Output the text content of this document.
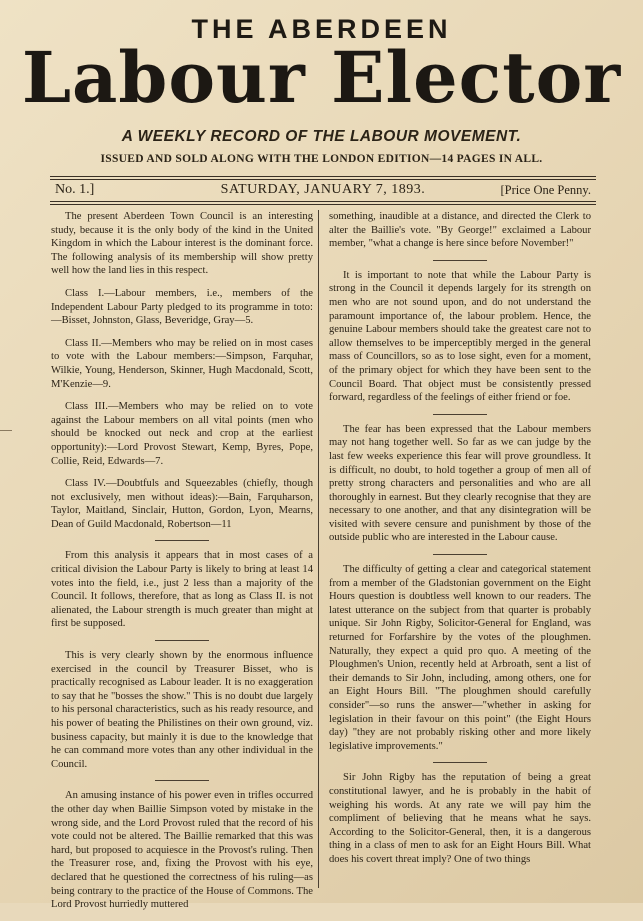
THE ABERDEEN
Labour Elector
A WEEKLY RECORD OF THE LABOUR MOVEMENT.
ISSUED AND SOLD ALONG WITH THE LONDON EDITION—14 PAGES IN ALL.
No. 1.]	SATURDAY, JANUARY 7, 1893.	[Price One Penny.

The present Aberdeen Town Council is an interesting study, because it is the only body of the kind in the United Kingdom in which the Labour interest is the dominant force. The following analysis of its membership will show pretty well how the land lies in this respect.

Class I.—Labour members, i.e., members of the Independent Labour Party pledged to its programme in toto:—Bisset, Johnston, Glass, Beveridge, Gray—5.

Class II.—Members who may be relied on in most cases to vote with the Labour members:—Simpson, Farquhar, Wilkie, Young, Henderson, Skinner, Hugh Macdonald, Scott, M'Kenzie—9.

Class III.—Members who may be relied on to vote against the Labour members on all vital points (men who should be knocked out neck and crop at the earliest opportunity):—Lord Provost Stewart, Kemp, Byres, Pope, Collie, Reid, Edwards—7.

Class IV.—Doubtfuls and Squeezables (chiefly, though not exclusively, men without ideas):—Bain, Farquharson, Taylor, Maitland, Sinclair, Hutton, Gordon, Lyon, Mearns, Dean of Guild Macdonald, Robertson—11

From this analysis it appears that in most cases of a critical division the Labour Party is likely to bring at least 14 votes into the field, i.e., just 2 less than a majority of the Council. It follows, therefore, that as long as Class II. is not alienated, the Labour strength is much greater than might at first be supposed.

This is very clearly shown by the enormous influence exercised in the council by Treasurer Bisset, who is practically recognised as Labour leader. It is no exaggeration to say that he "bosses the show." This is no doubt due largely to his personal characteristics, such as his ready resource, and his power of beating the Philistines on their own ground, viz. business capacity, but mainly it is due to the knowledge that he can command more votes than any other individual in the Council.

An amusing instance of his power even in trifles occurred the other day when Baillie Simpson voted by mistake in the wrong side, and the Lord Provost ruled that the record of his vote could not be altered. The Baillie remarked that this was hard, but proposed to acquiesce in the Provost's ruling. Then the Treasurer rose, and, fixing the Provost with his eye, declared that he questioned the correctness of his ruling—as being contrary to the practice of the House of Commons. The Lord Provost hurriedly muttered

something, inaudible at a distance, and directed the Clerk to alter the Baillie's vote. "By George!" exclaimed a Labour member, "what a change is here since before November!"

It is important to note that while the Labour Party is strong in the Council it depends largely for its strength on men who are not sound upon, and do not understand the paramount importance of, the labour problem. Hence, the genuine Labour members should take the greatest care not to allow themselves to be imperceptibly merged in the general mass of Councillors, so as to lose sight, even for a moment, of the primary object for which they have been sent to the Council Board. That object must be consistently pressed forward, regardless of the feelings of either friend or foe.

The fear has been expressed that the Labour members may not hang together well. So far as we can judge by the last few weeks experience this fear will prove groundless. It is difficult, no doubt, to hold together a group of men all of pretty strong characters and personalities and who are all thoroughly in earnest. But they clearly recognise that they are necessary to one another, and that any disintegration will be visited with severe censure and punishment by those of the outside public who are interested in the Labour cause.

The difficulty of getting a clear and categorical statement from a member of the Gladstonian government on the Eight Hours question is doubtless well known to our readers. The latest utterance on the subject from that quarter is probably unique. Sir John Rigby, Solicitor-General for England, was returned for Forfarshire by the votes of the ploughmen. Naturally, they expect a quid pro quo. A meeting of the Ploughmen's Union, recently held at Arbroath, sent a list of their demands to Sir John, including, among others, one for an Eight Hours Bill. "The ploughmen should carefully consider"—so runs the answer—"whether in asking for legislation in their favour on this point" (the Eight Hours day) "they are not probably risking other and more likely legislative improvements."

Sir John Rigby has the reputation of being a great constitutional lawyer, and he is probably in the habit of weighing his words. At any rate we will pay him the compliment of believing that he means what he says. According to the Solicitor-General, then, it is a dangerous thing in a class of men to ask for an Eight Hours Bill. What does his covert threat imply? One of two things
